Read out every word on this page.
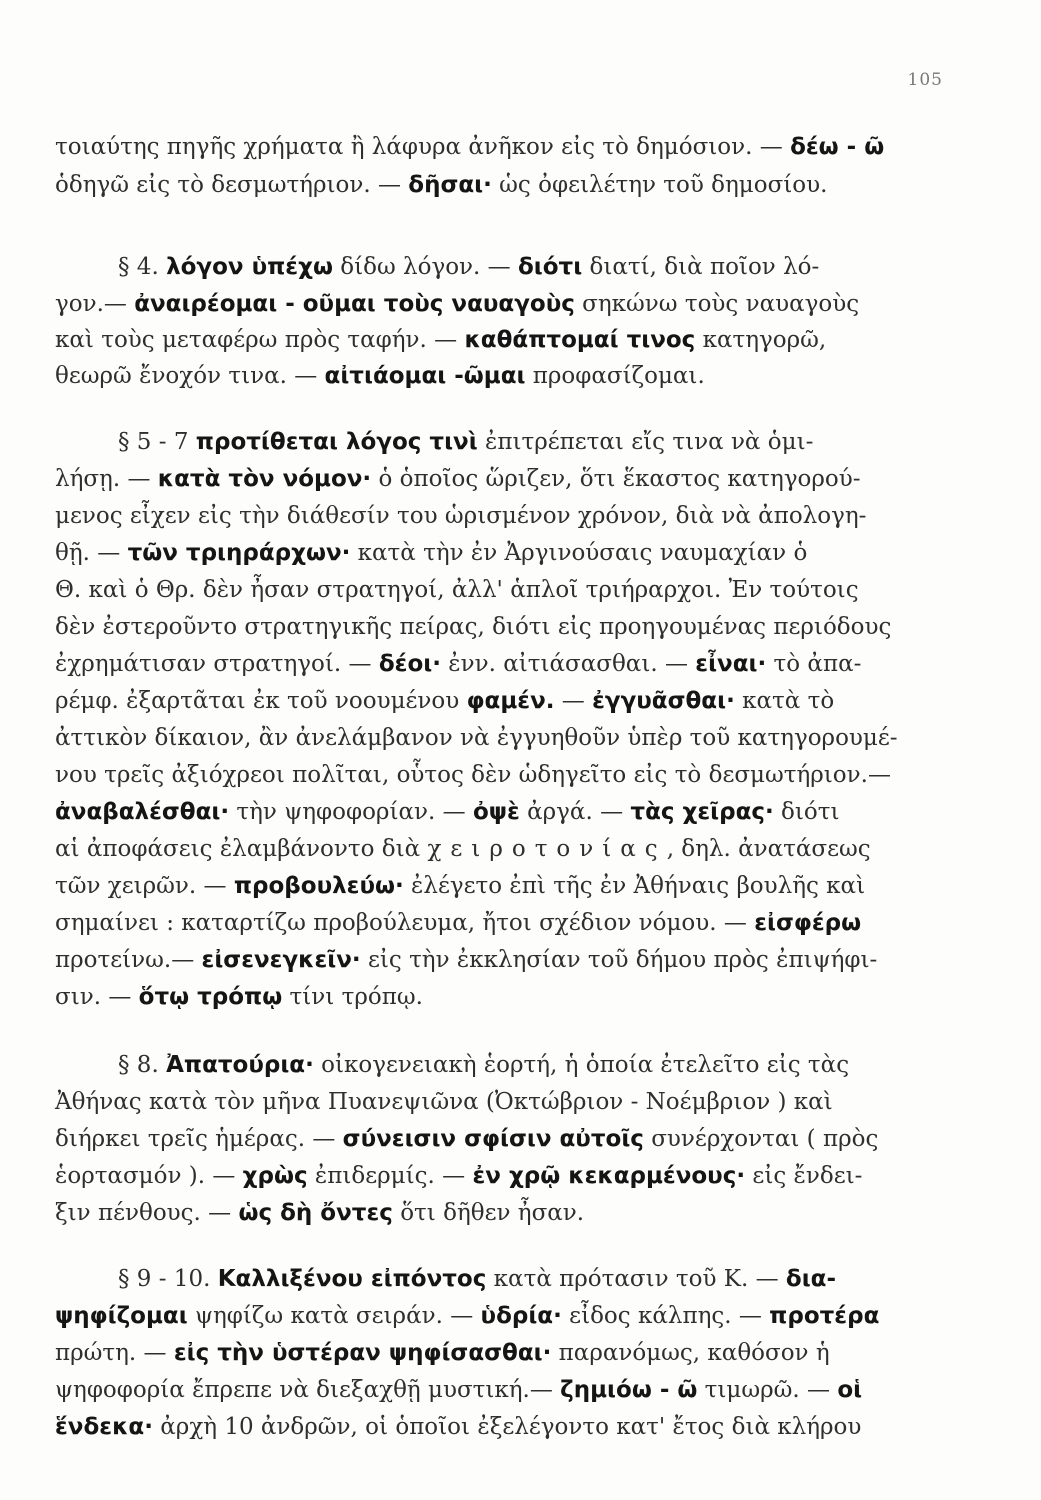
105
τοιαύτης πηγῆς χρήματα ἢ λάφυρα ἀνῆκον εἰς τὸ δημόσιον. — δέω - ῶ
ὁδηγῶ εἰς τὸ δεσμωτήριον. — δῆσαι· ὡς ὀφειλέτην τοῦ δημοσίου.
§ 4. λόγον ὑπέχω δίδω λόγον. — διότι διατί, διὰ ποῖον λό-
γον.— ἀναιρέομαι - οῦμαι τοὺς ναυαγοὺς σηκώνω τοὺς ναυαγοὺς
καὶ τοὺς μεταφέρω πρὸς ταφήν. — καθάπτομαί τινος κατηγορῶ,
θεωρῶ ἔνοχόν τινα. — αἰτιάομαι -ῶμαι προφασίζομαι.
§ 5 - 7 προτίθεται λόγος τινὶ ἐπιτρέπεται εἴς τινα νὰ ὁμι-
λήσῃ. — κατὰ τὸν νόμον· ὁ ὁποῖος ὥριζεν, ὅτι ἕκαστος κατηγορού-
μενος εἶχεν εἰς τὴν διάθεσίν του ὡρισμένον χρόνον, διὰ νὰ ἀπολογη-
θῇ. — τῶν τριηράρχων· κατὰ τὴν ἐν Ἀργινούσαις ναυμαχίαν ὁ
Θ. καὶ ὁ Θρ. δὲν ἦσαν στρατηγοί, ἀλλ' ἁπλοῖ τριήραρχοι. Ἐν τούτοις
δὲν ἐστεροῦντο στρατηγικῆς πείρας, διότι εἰς προηγουμένας περιόδους
ἐχρημάτισαν στρατηγοί. — δέοι· ἐνν. αἰτιάσασθαι. — εἶναι· τὸ ἀπα-
ρέμφ. ἐξαρτᾶται ἐκ τοῦ νοουμένου φαμέν. — ἐγγυᾶσθαι· κατὰ τὸ
ἀττικὸν δίκαιον, ἂν ἀνελάμβανον νὰ ἐγγυηθοῦν ὑπὲρ τοῦ κατηγορουμέ-
νου τρεῖς ἀξιόχρεοι πολῖται, οὗτος δὲν ὡδηγεῖτο εἰς τὸ δεσμωτήριον.—
ἀναβαλέσθαι· τὴν ψηφοφορίαν. — ὀψὲ ἀργά. — τὰς χεῖρας· διότι
αἱ ἀποφάσεις ἐλαμβάνοντο διὰ χειροτονίας, δηλ. ἀνατάσεως
τῶν χειρῶν. — προβουλεύω· ἐλέγετο ἐπὶ τῆς ἐν Ἀθήναις βουλῆς καὶ
σημαίνει : καταρτίζω προβούλευμα, ἤτοι σχέδιον νόμου. — εἰσφέρω
προτείνω.— εἰσενεγκεῖν· εἰς τὴν ἐκκλησίαν τοῦ δήμου πρὸς ἐπιψήφι-
σιν. — ὅτῳ τρόπῳ τίνι τρόπῳ.
§ 8. Ἀπατούρια· οἰκογενειακὴ ἑορτή, ἡ ὁποία ἐτελεῖτο εἰς τὰς
Ἀθήνας κατὰ τὸν μῆνα Πυανεψιῶνα (Ὀκτώβριον - Νοέμβριον ) καὶ
διήρκει τρεῖς ἡμέρας. — σύνεισιν σφίσιν αὐτοῖς συνέρχονται ( πρὸς
ἑορτασμόν ). — χρὼς ἐπιδερμίς. — ἐν χρῷ κεκαρμένους· εἰς ἔνδει-
ξιν πένθους. — ὡς δὴ ὄντες ὅτι δῆθεν ἦσαν.
§ 9 - 10. Καλλιξένου εἰπόντος κατὰ πρότασιν τοῦ Κ. — δια-
ψηφίζομαι ψηφίζω κατὰ σειράν. — ὑδρία· εἶδος κάλπης. — προτέρα
πρώτη. — εἰς τὴν ὑστέραν ψηφίσασθαι· παρανόμως, καθόσον ἡ
ψηφοφορία ἔπρεπε νὰ διεξαχθῇ μυστική.— ζημιόω - ῶ τιμωρῶ. — οἱ
ἕνδεκα· ἀρχὴ 10 ἀνδρῶν, οἱ ὁποῖοι ἐξελέγοντο κατ' ἔτος διὰ κλήρου
